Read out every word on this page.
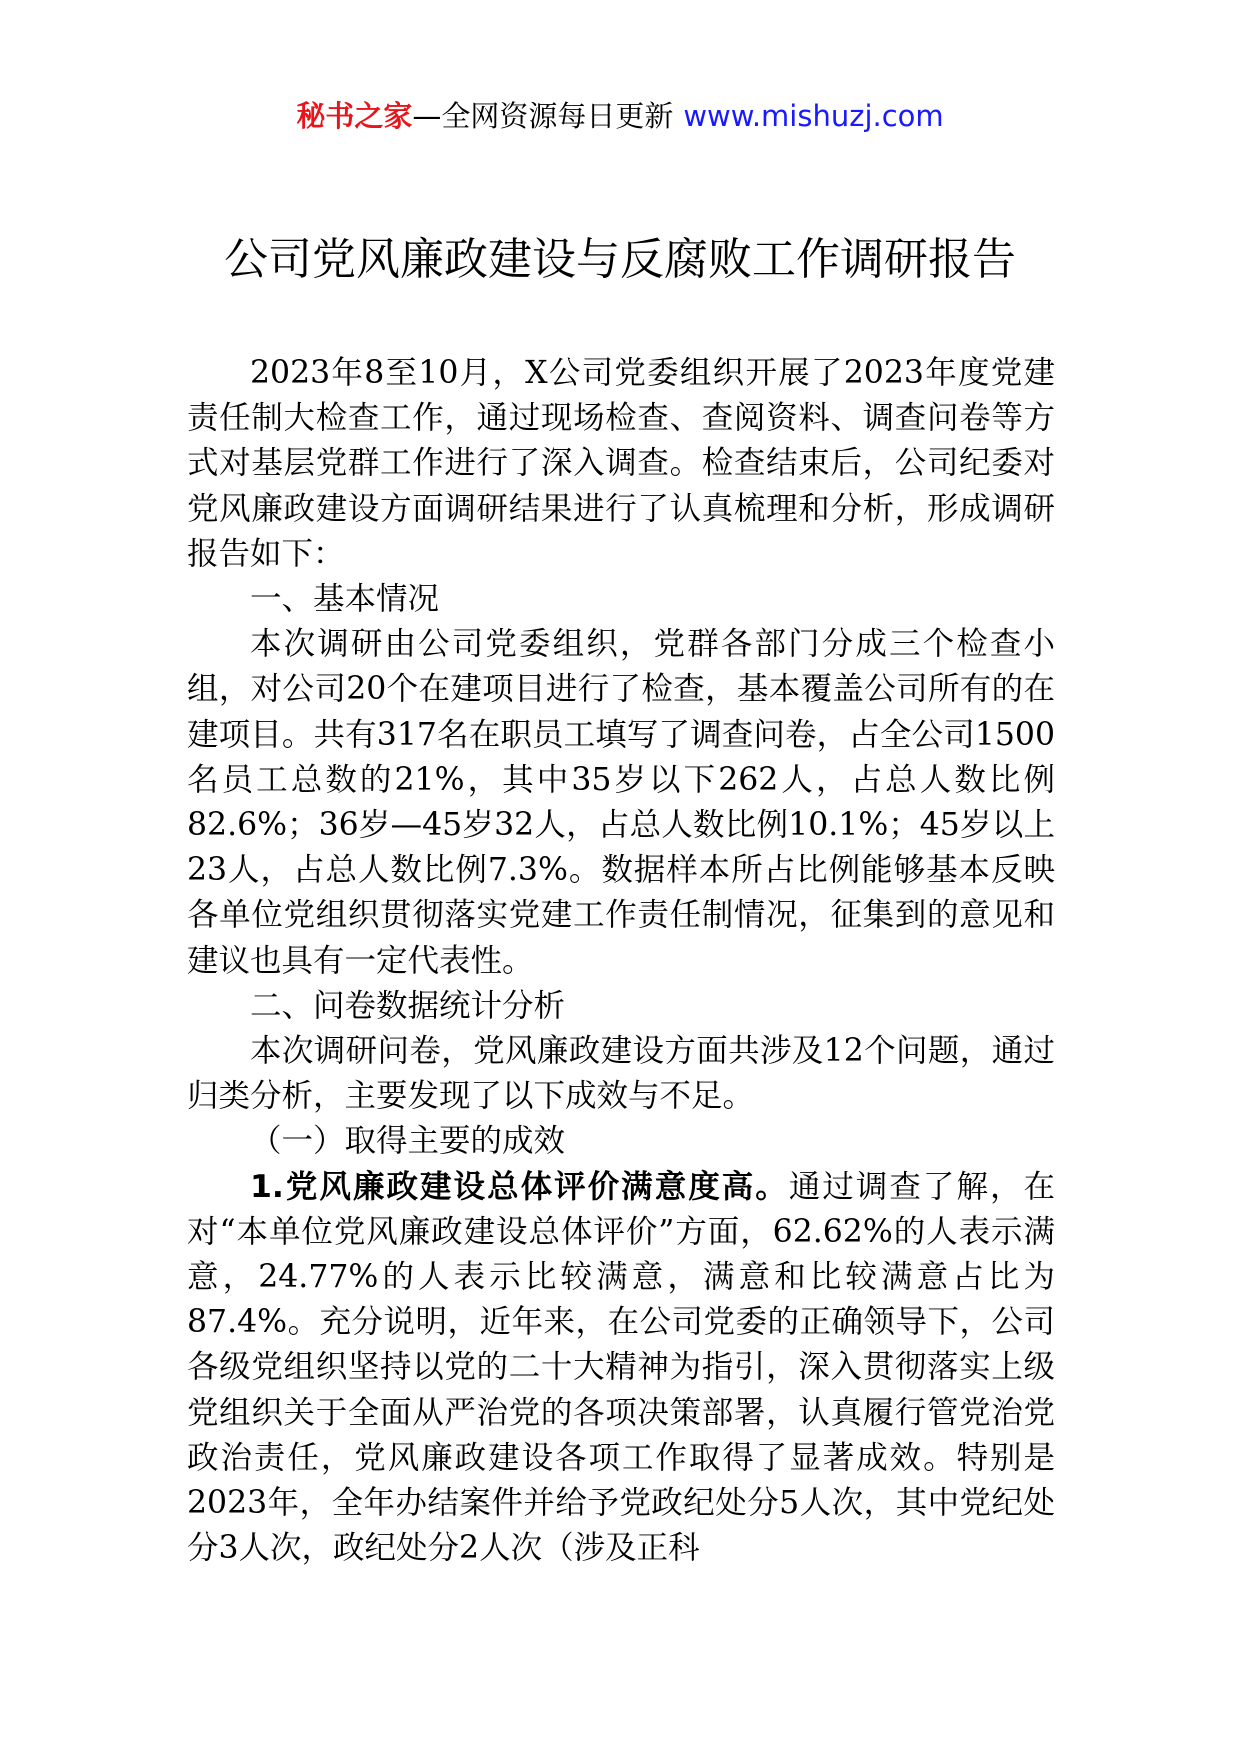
秘书之家—全网资源每日更新 www.mishuzj.com
公司党风廉政建设与反腐败工作调研报告

2023年8至10月，X公司党委组织开展了2023年度党建责任制大检查工作，通过现场检查、查阅资料、调查问卷等方式对基层党群工作进行了深入调查。检查结束后，公司纪委对党风廉政建设方面调研结果进行了认真梳理和分析，形成调研报告如下：

一、基本情况

本次调研由公司党委组织，党群各部门分成三个检查小组，对公司20个在建项目进行了检查，基本覆盖公司所有的在建项目。共有317名在职员工填写了调查问卷，占全公司1500名员工总数的21%，其中35岁以下262人，占总人数比例82.6%；36岁—45岁32人，占总人数比例10.1%；45岁以上23人，占总人数比例7.3%。数据样本所占比例能够基本反映各单位党组织贯彻落实党建工作责任制情况，征集到的意见和建议也具有一定代表性。

二、问卷数据统计分析

本次调研问卷，党风廉政建设方面共涉及12个问题，通过归类分析，主要发现了以下成效与不足。

（一）取得主要的成效

1.党风廉政建设总体评价满意度高。通过调查了解，在对“本单位党风廉政建设总体评价”方面，62.62%的人表示满意，24.77%的人表示比较满意，满意和比较满意占比为87.4%。充分说明，近年来，在公司党委的正确领导下，公司各级党组织坚持以党的二十大精神为指引，深入贯彻落实上级党组织关于全面从严治党的各项决策部署，认真履行管党治党政治责任，党风廉政建设各项工作取得了显著成效。特别是2023年，全年办结案件并给予党政纪处分5人次，其中党纪处分3人次，政纪处分2人次（涉及正科
